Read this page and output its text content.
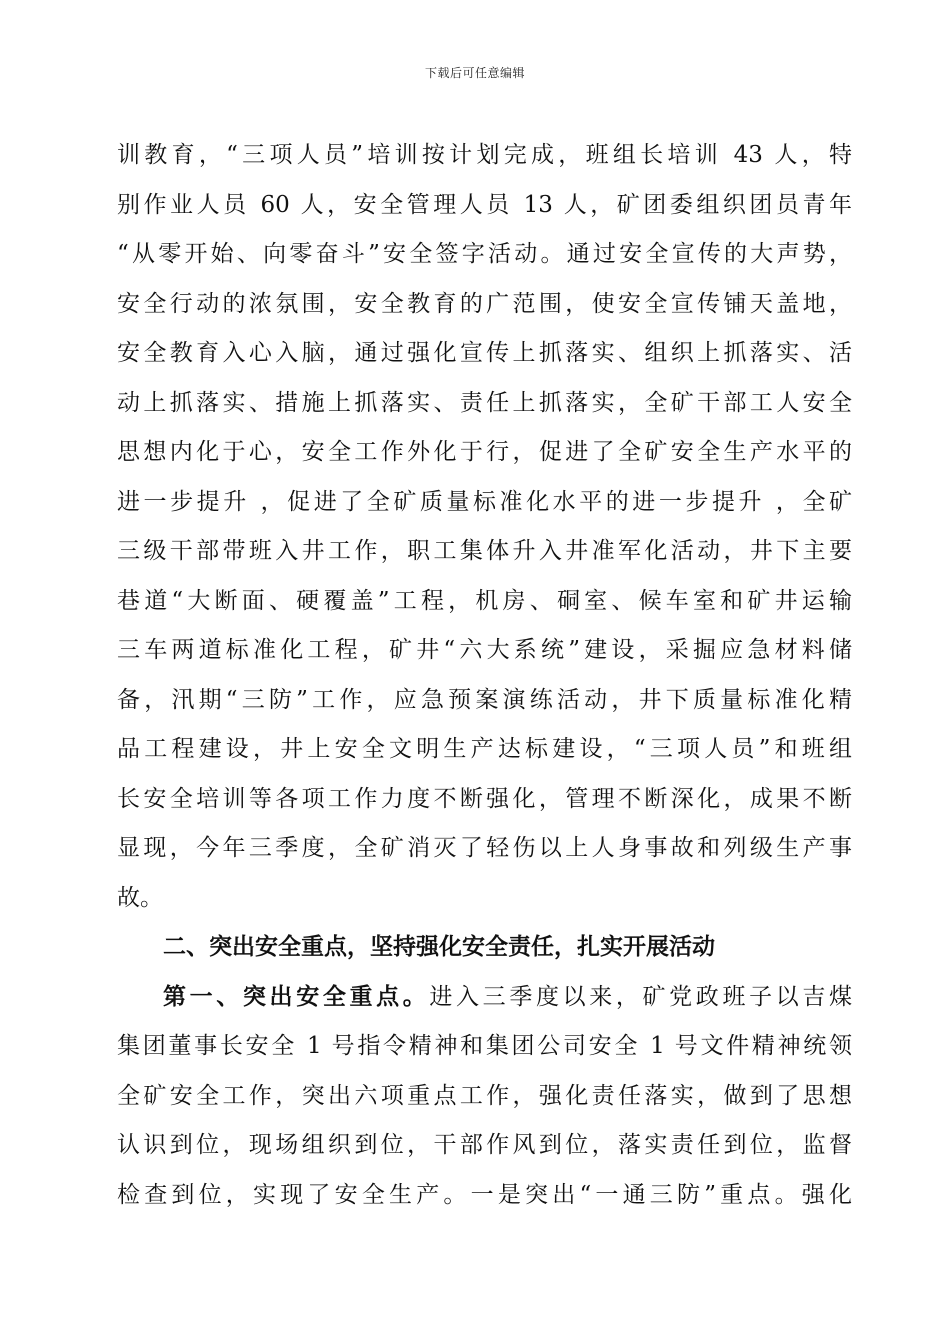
下载后可任意编辑
训教育，“三项人员”培训按计划完成，班组长培训 43 人，特
别作业人员 60 人，安全管理人员 13 人，矿团委组织团员青年
“从零开始、向零奋斗”安全签字活动。通过安全宣传的大声势，
安全行动的浓氛围，安全教育的广范围，使安全宣传铺天盖地，
安全教育入心入脑，通过强化宣传上抓落实、组织上抓落实、活
动上抓落实、措施上抓落实、责任上抓落实，全矿干部工人安全
思想内化于心，安全工作外化于行，促进了全矿安全生产水平的
进一步提升 ，促进了全矿质量标准化水平的进一步提升 ，全矿
三级干部带班入井工作，职工集体升入井准军化活动，井下主要
巷道“大断面、硬覆盖”工程，机房、硐室、候车室和矿井运输
三车两道标准化工程，矿井“六大系统”建设，采掘应急材料储
备，汛期“三防”工作，应急预案演练活动，井下质量标准化精
品工程建设，井上安全文明生产达标建设，“三项人员”和班组
长安全培训等各项工作力度不断强化，管理不断深化，成果不断
显现，今年三季度，全矿消灭了轻伤以上人身事故和列级生产事
故。
二、突出安全重点，坚持强化安全责任，扎实开展活动
第一、突出安全重点。进入三季度以来，矿党政班子以吉煤
集团董事长安全 1 号指令精神和集团公司安全 1 号文件精神统领
全矿安全工作，突出六项重点工作，强化责任落实，做到了思想
认识到位，现场组织到位，干部作风到位，落实责任到位，监督
检查到位，实现了安全生产。一是突出“一通三防”重点。强化
